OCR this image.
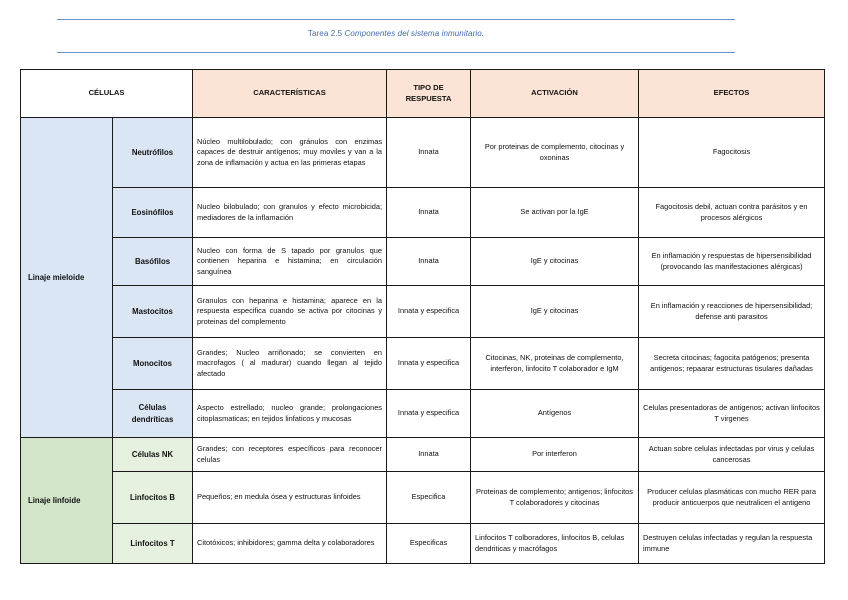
Tarea 2.5 Componentes del sistema inmunitario.
CÉLULAS		CARACTERÍSTICAS	TIPO DE RESPUESTA	ACTIVACIÓN	EFECTOS
Linaje mieloide	Neutrófilos	Núcleo multilobulado; con gránulos con enzimas capaces de destruir antígenos; muy moviles y van a la zona de inflamación y actua en las primeras etapas	Innata	Por proteinas de complemento, citocinas y oxoninas	Fagocitosis
	Eosinófilos	Nucleo bilobulado; con granulos y efecto microbicida; mediadores de la inflamación	Innata	Se activan por la IgE	Fagocitosis debil, actuan contra parásitos y en procesos alérgicos
	Basófilos	Nucleo con forma de S tapado por granulos que contienen heparina e histamina; en circulación sanguínea	Innata	IgE y citocinas	En inflamación y respuestas de hipersensibilidad (provocando las manifestaciones alérgicas)
	Mastocitos	Granulos con heparina e histamina; aparece en la respuesta especifica cuando se activa por citocinas y proteinas del complemento	Innata y especifica	IgE y citocinas	En inflamación y reacciones de hipersensibilidad; defense anti parasitos
	Monocitos	Grandes; Nucleo arriñonado; se convierten en macrofagos ( al madurar) cuando llegan al tejido afectado	Innata y especifica	Citocinas, NK, proteinas de complemento, interferon, linfocito T colaborador e IgM	Secreta citocinas; fagocita patógenos; presenta antigenos; repaarar estructuras tisulares dañadas
	Células dendríticas	Aspecto estrellado; nucleo grande; prolongaciones citoplasmaticas; en tejidos linfaticos y mucosas	Innata y especifica	Antígenos	Celulas presentadoras de antigenos; activan linfocitos T virgenes
Linaje linfoide	Células NK	Grandes; con receptores específicos para reconocer celulas	Innata	Por interferon	Actuan sobre celulas infectadas por virus y celulas cancerosas
	Linfocitos B	Pequeños; en medula ósea y estructuras linfoides	Especifica	Proteinas de complemento; antigenos; linfocitos T colaboradores y citocinas	Producer celulas plasmáticas con mucho RER para producir anticuerpos que neutralicen el antigeno
	Linfocitos T	Citotóxicos; inhibidores; gamma delta y colaboradores	Especificas	Linfocitos T colboradores, linfocitos B, celulas dendriticas y macrófagos	Destruyen celulas infectadas y regulan la respuesta immune
